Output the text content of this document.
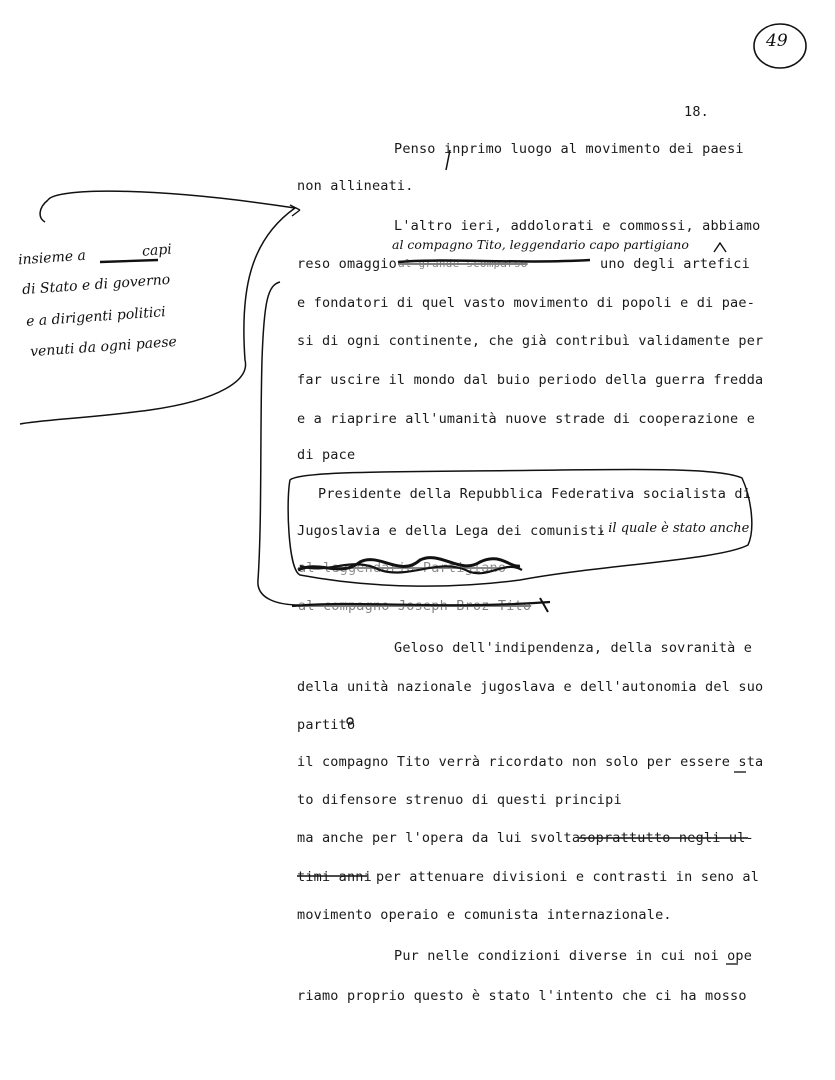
49
18.
Penso inprimo luogo al movimento dei paesi
non allineati.
L'altro ieri, addolorati e commossi, abbiamo
al compagno Tito, leggendario capo partigiano
reso omaggio al grande scomparso	uno degli artefici
e fondatori di quel vasto movimento di popoli e di pae-
si di ogni continente, che già contribuì validamente per
far uscire il mondo dal buio periodo della guerra fredda
e a riaprire all'umanità nuove strade di cooperazione e
di pace
insieme a	capi
di Stato e di governo
e a dirigenti politici
venuti da ogni paese
Presidente della Repubblica Federativa socialista di
Jugoslavia e della Lega dei comunisti
, il quale è stato anche
al leggendario Partigiano
al compagno Joseph Broz Tito
Geloso dell'indipendenza, della sovranità e
della unità nazionale jugoslava e dell'autonomia del suo
partito
il compagno Tito verrà ricordato non solo per essere sta
to difensore strenuo di questi principi
ma anche per l'opera da lui svolta
soprattutto negli ul-
timi anni per attenuare divisioni e contrasti in seno al
movimento operaio e comunista internazionale.
Pur nelle condizioni diverse in cui noi ope
riamo proprio questo è stato l'intento che ci ha mosso
